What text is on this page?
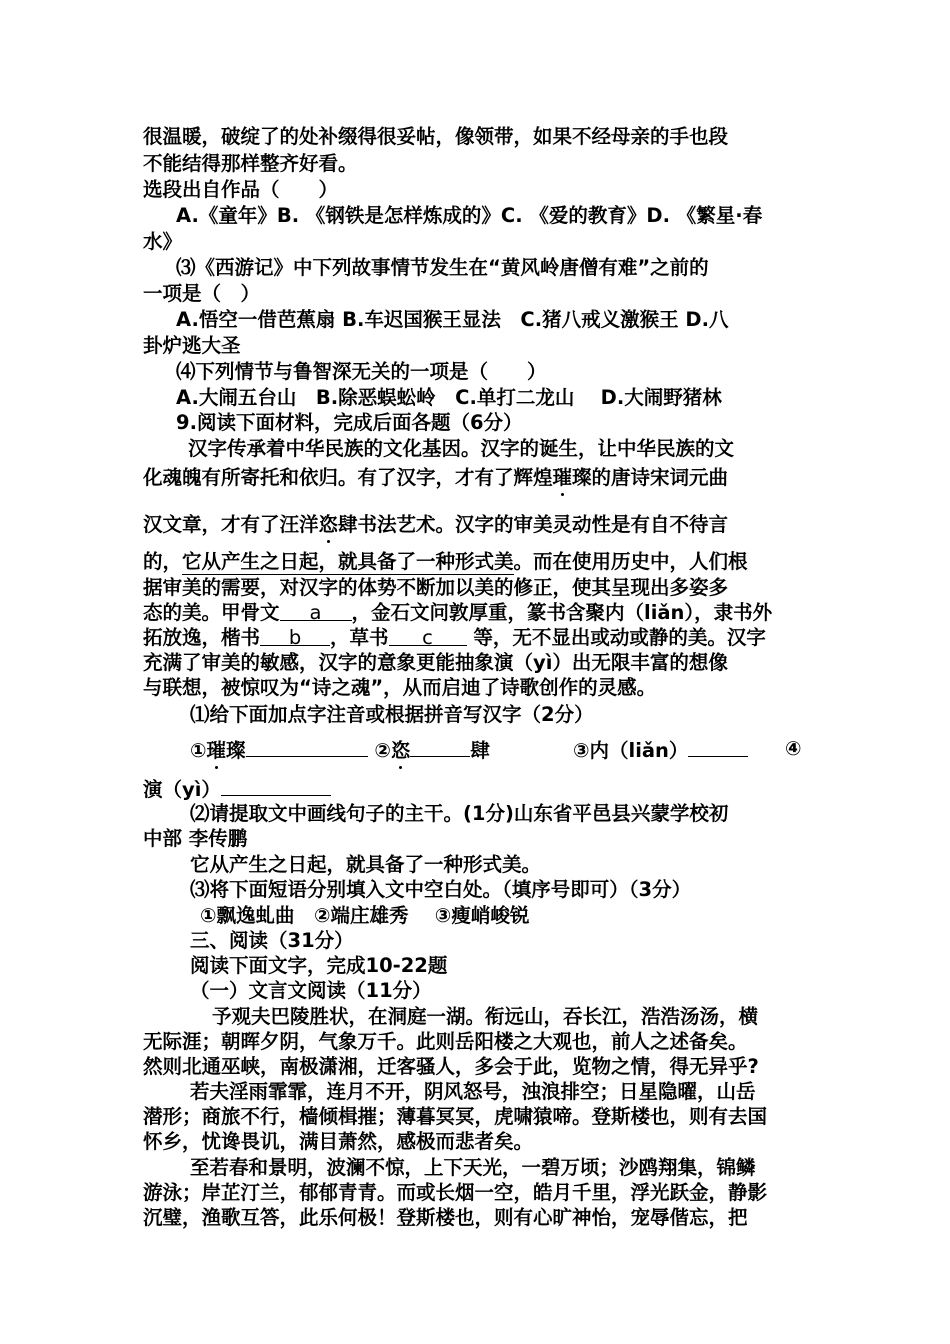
很温暖，破绽了的处补缀得很妥帖，像领带，如果不经母亲的手也段
不能结得那样整齐好看。
选段出自作品（　　）
A.《童年》B. 《钢铁是怎样炼成的》C. 《爱的教育》D. 《繁星·春
水》
⑶《西游记》中下列故事情节发生在“黄风岭唐僧有难”之前的
一项是（　）
A.悟空一借芭蕉扇 B.车迟国猴王显法　C.猪八戒义激猴王 D.八
卦炉逃大圣
⑷下列情节与鲁智深无关的一项是（　　）
A.大闹五台山　B.除恶蜈蚣岭　C.单打二龙山　 D.大闹野猪林
9.阅读下面材料，完成后面各题（6分）
汉字传承着中华民族的文化基因。汉字的诞生，让中华民族的文
化魂魄有所寄托和依归。有了汉字，才有了辉煌璀璨的唐诗宋词元曲
汉文章，才有了汪洋恣肆书法艺术。汉字的审美灵动性是有自不待言
的，它从产生之日起，就具备了一种形式美。而在使用历史中，人们根
据审美的需要，对汉字的体势不断加以美的修正，使其呈现出多姿多
态的美。甲骨文 a ，金石文问敦厚重，篆书含聚内（liǎn），隶书外
拓放逸，楷书 b ，草书 c 等，无不显出或动或静的美。汉字
充满了审美的敏感，汉字的意象更能抽象演（yì）出无限丰富的想像
与联想，被惊叹为“诗之魂”，从而启迪了诗歌创作的灵感。
⑴给下面加点字注音或根据拼音写汉字（2分）
①璀璨	②恣	肆	③内（liǎn）	④
演（yì）
⑵请提取文中画线句子的主干。(1分)山东省平邑县兴蒙学校初
中部 李传鹏
它从产生之日起，就具备了一种形式美。
⑶将下面短语分别填入文中空白处。（填序号即可）（3分）
①飘逸虬曲　②端庄雄秀　 ③瘦峭峻锐
三、阅读（31分）
阅读下面文字，完成10-22题
（一）文言文阅读（11分）
予观夫巴陵胜状，在洞庭一湖。衔远山，吞长江，浩浩汤汤，横
无际涯；朝晖夕阴，气象万千。此则岳阳楼之大观也，前人之述备矣。
然则北通巫峡，南极潇湘，迁客骚人，多会于此，览物之情，得无异乎?
若夫淫雨霏霏，连月不开，阴风怒号，浊浪排空；日星隐曜，山岳
潜形；商旅不行，樯倾楫摧；薄暮冥冥，虎啸猿啼。登斯楼也，则有去国
怀乡，忧谗畏讥，满目萧然，感极而悲者矣。
至若春和景明，波澜不惊，上下天光，一碧万顷；沙鸥翔集，锦鳞
游泳；岸芷汀兰，郁郁青青。而或长烟一空，皓月千里，浮光跃金，静影
沉璧，渔歌互答，此乐何极！登斯楼也，则有心旷神怡，宠辱偕忘，把
